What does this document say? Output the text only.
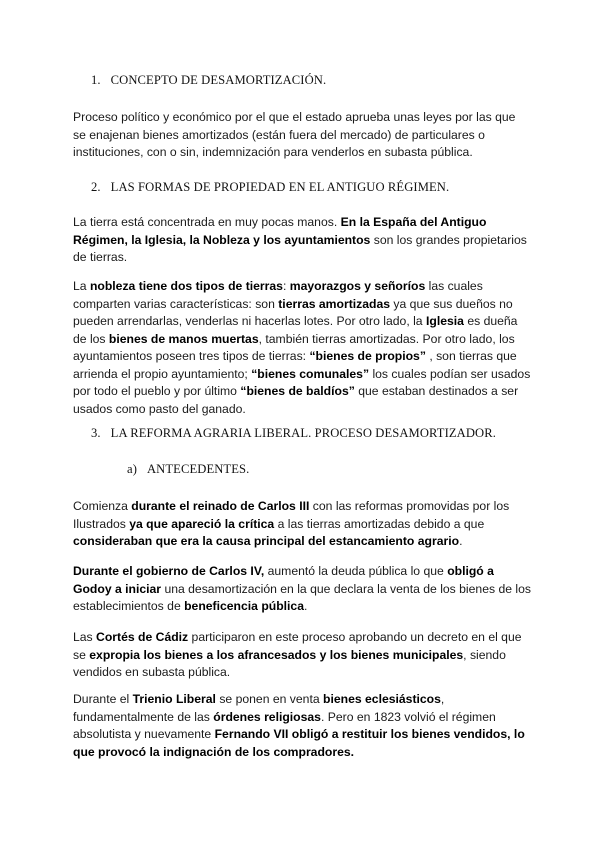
1. CONCEPTO DE DESAMORTIZACIÓN.
Proceso político y económico por el que el estado aprueba unas leyes por las que
se enajenan bienes amortizados (están fuera del mercado) de particulares o
instituciones, con o sin, indemnización para venderlos en subasta pública.
2. LAS FORMAS DE PROPIEDAD EN EL ANTIGUO RÉGIMEN.
La tierra está concentrada en muy pocas manos. En la España del Antiguo
Régimen, la Iglesia, la Nobleza y los ayuntamientos son los grandes propietarios
de tierras.
La nobleza tiene dos tipos de tierras: mayorazgos y señoríos las cuales
comparten varias características: son tierras amortizadas ya que sus dueños no
pueden arrendarlas, venderlas ni hacerlas lotes. Por otro lado, la Iglesia es dueña
de los bienes de manos muertas, también tierras amortizadas. Por otro lado, los
ayuntamientos poseen tres tipos de tierras: “bienes de propios” , son tierras que
arrienda el propio ayuntamiento; “bienes comunales” los cuales podían ser usados
por todo el pueblo y por último “bienes de baldíos” que estaban destinados a ser
usados como pasto del ganado.
3. LA REFORMA AGRARIA LIBERAL. PROCESO DESAMORTIZADOR.
a) ANTECEDENTES.
Comienza durante el reinado de Carlos III con las reformas promovidas por los
Ilustrados ya que apareció la crítica a las tierras amortizadas debido a que
consideraban que era la causa principal del estancamiento agrario.
Durante el gobierno de Carlos IV, aumentó la deuda pública lo que obligó a
Godoy a iniciar una desamortización en la que declara la venta de los bienes de los
establecimientos de beneficencia pública.
Las Cortés de Cádiz participaron en este proceso aprobando un decreto en el que
se expropia los bienes a los afrancesados y los bienes municipales, siendo
vendidos en subasta pública.
Durante el Trienio Liberal se ponen en venta bienes eclesiásticos,
fundamentalmente de las órdenes religiosas. Pero en 1823 volvió el régimen
absolutista y nuevamente Fernando VII obligó a restituir los bienes vendidos, lo
que provocó la indignación de los compradores.
